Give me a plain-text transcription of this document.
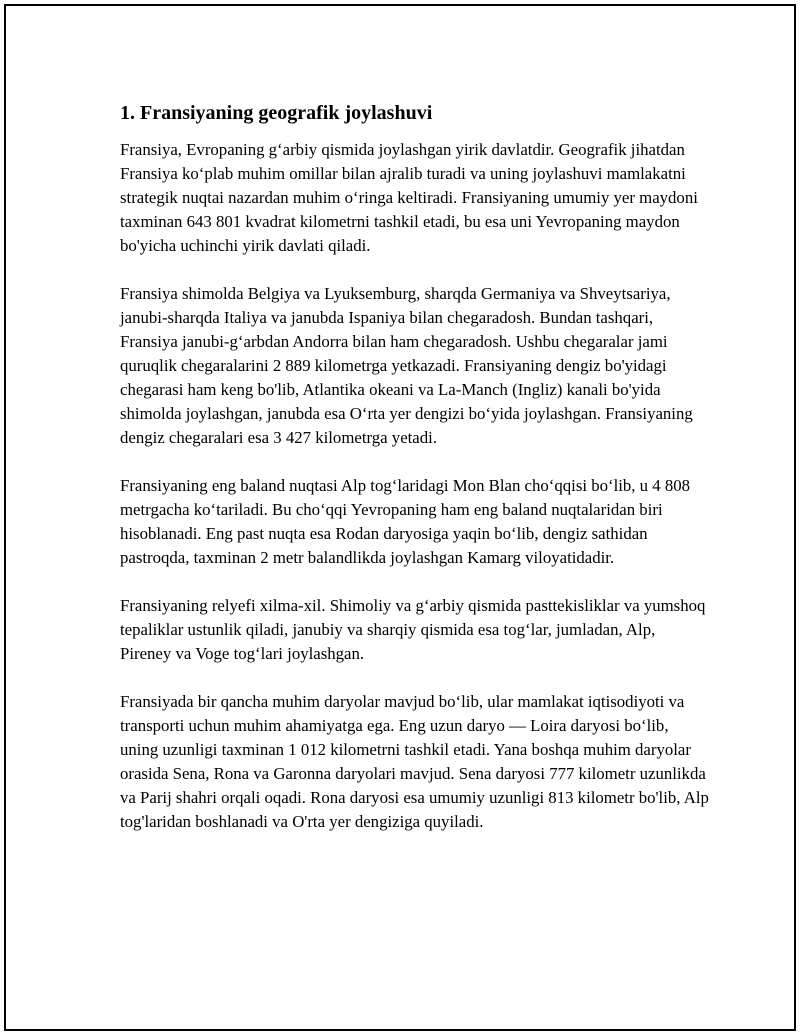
1. Fransiyaning geografik joylashuvi

Fransiya, Evropaning g‘arbiy qismida joylashgan yirik davlatdir. Geografik jihatdan Fransiya ko‘plab muhim omillar bilan ajralib turadi va uning joylashuvi mamlakatni strategik nuqtai nazardan muhim o‘ringa keltiradi. Fransiyaning umumiy yer maydoni taxminan 643 801 kvadrat kilometrni tashkil etadi, bu esa uni Yevropaning maydon bo'yicha uchinchi yirik davlati qiladi.

Fransiya shimolda Belgiya va Lyuksemburg, sharqda Germaniya va Shveytsariya, janubi-sharqda Italiya va janubda Ispaniya bilan chegaradosh. Bundan tashqari, Fransiya janubi-g‘arbdan Andorra bilan ham chegaradosh. Ushbu chegaralar jami quruqlik chegaralarini 2 889 kilometrga yetkazadi. Fransiyaning dengiz bo'yidagi chegarasi ham keng bo'lib, Atlantika okeani va La-Manch (Ingliz) kanali bo'yida shimolda joylashgan, janubda esa O‘rta yer dengizi bo‘yida joylashgan. Fransiyaning dengiz chegaralari esa 3 427 kilometrga yetadi.

Fransiyaning eng baland nuqtasi Alp tog‘laridagi Mon Blan cho‘qqisi bo‘lib, u 4 808 metrgacha ko‘tariladi. Bu cho‘qqi Yevropaning ham eng baland nuqtalaridan biri hisoblanadi. Eng past nuqta esa Rodan daryosiga yaqin bo‘lib, dengiz sathidan pastroqda, taxminan 2 metr balandlikda joylashgan Kamarg viloyatidadir.

Fransiyaning relyefi xilma-xil. Shimoliy va g‘arbiy qismida pasttekisliklar va yumshoq tepaliklar ustunlik qiladi, janubiy va sharqiy qismida esa tog‘lar, jumladan, Alp, Pireney va Voge tog‘lari joylashgan.

Fransiyada bir qancha muhim daryolar mavjud bo‘lib, ular mamlakat iqtisodiyoti va transporti uchun muhim ahamiyatga ega. Eng uzun daryo — Loira daryosi bo‘lib, uning uzunligi taxminan 1 012 kilometrni tashkil etadi. Yana boshqa muhim daryolar orasida Sena, Rona va Garonna daryolari mavjud. Sena daryosi 777 kilometr uzunlikda va Parij shahri orqali oqadi. Rona daryosi esa umumiy uzunligi 813 kilometr bo'lib, Alp tog'laridan boshlanadi va O'rta yer dengiziga quyiladi.
